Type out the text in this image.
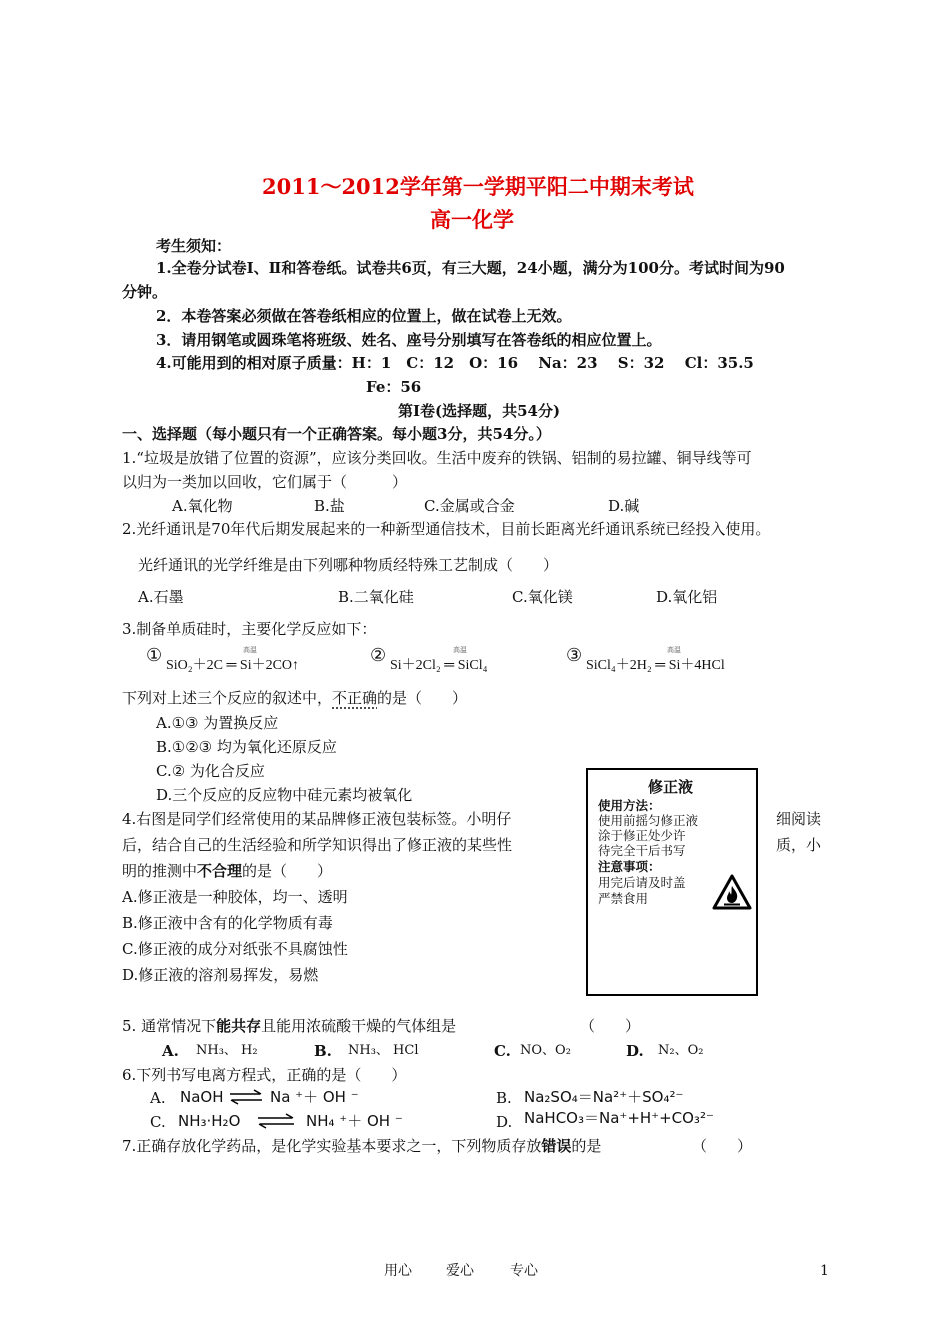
2011～2012学年第一学期平阳二中期末考试
高一化学
考生须知：
1.全卷分试卷Ⅰ、Ⅱ和答卷纸。试卷共6页，有三大题，24小题，满分为100分。考试时间为90
分钟。
2．本卷答案必须做在答卷纸相应的位置上，做在试卷上无效。
3．请用钢笔或圆珠笔将班级、姓名、座号分别填写在答卷纸的相应位置上。
4.可能用到的相对原子质量：H：1　C：12　O：16　 Na：23　 S：32　 Cl：35.5
Fe：56
第Ⅰ卷(选择题，共54分)
一、选择题（每小题只有一个正确答案。每小题3分，共54分。）
1.“垃圾是放错了位置的资源”，应该分类回收。生活中废弃的铁锅、铝制的易拉罐、铜导线等可
以归为一类加以回收，它们属于（　　　）
A.氧化物	B.盐	C.金属或合金	D.碱
2.光纤通讯是70年代后期发展起来的一种新型通信技术，目前长距离光纤通讯系统已经投入使用。
光纤通讯的光学纤维是由下列哪种物质经特殊工艺制成（　　）
A.石墨	B.二氧化硅	C.氧化镁	D.氧化铝
3.制备单质硅时，主要化学反应如下：
①	高温
SiO₂＋2C ═ Si＋2CO↑	②	高温
Si＋2Cl₂ ═ SiCl₄	③	高温
SiCl₄＋2H₂ ═ Si＋4HCl
下列对上述三个反应的叙述中，不正确的是（　　）
A.①③ 为置换反应
B.①②③ 均为氧化还原反应
C.② 为化合反应
D.三个反应的反应物中硅元素均被氧化
4.右图是同学们经常使用的某品牌修正液包装标签。小明仔	细阅读
后，结合自己的生活经验和所学知识得出了修正液的某些性	质，小
明的推测中不合理的是（　　）
A.修正液是一种胶体，均一、透明
B.修正液中含有的化学物质有毒
C.修正液的成分对纸张不具腐蚀性
D.修正液的溶剂易挥发，易燃
修正液
使用方法：
使用前摇匀修正液
涂于修正处少许
待完全干后书写
注意事项：
用完后请及时盖
严禁食用
5. 通常情况下能共存且能用浓硫酸干燥的气体组是	（　　）
A. NH₃、 H₂	B. NH₃、 HCl	C. NO、O₂	D. N₂、O₂
6.下列书写电离方程式，正确的是（　　）
A. NaOH ⇌ Na ⁺＋ OH ⁻	B. Na₂SO₄＝Na²⁺＋SO₄²⁻
C. NH₃·H₂O ⇌ NH₄ ⁺＋ OH ⁻	D. NaHCO₃＝Na⁺+H⁺+CO₃²⁻
7.正确存放化学药品，是化学实验基本要求之一，下列物质存放错误的是	（　　）
用心 爱心	专心	1
